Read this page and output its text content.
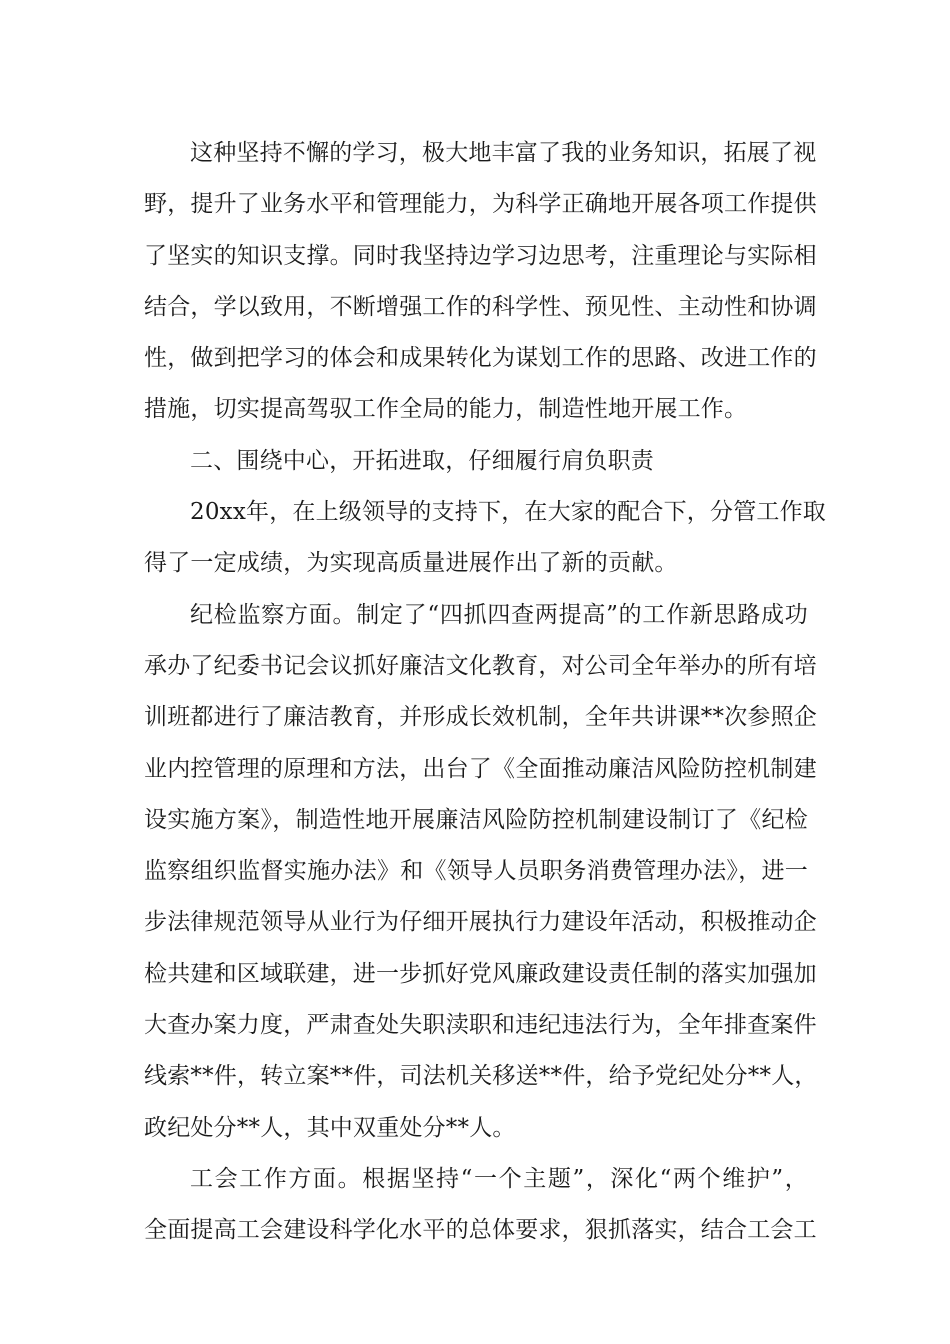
这种坚持不懈的学习，极大地丰富了我的业务知识，拓展了视
野，提升了业务水平和管理能力，为科学正确地开展各项工作提供
了坚实的知识支撑。同时我坚持边学习边思考，注重理论与实际相
结合，学以致用，不断增强工作的科学性、预见性、主动性和协调
性，做到把学习的体会和成果转化为谋划工作的思路、改进工作的
措施，切实提高驾驭工作全局的能力，制造性地开展工作。
二、围绕中心，开拓进取，仔细履行肩负职责
20xx年，在上级领导的支持下，在大家的配合下，分管工作取
得了一定成绩，为实现高质量进展作出了新的贡献。
纪检监察方面。制定了“四抓四查两提高”的工作新思路成功
承办了纪委书记会议抓好廉洁文化教育，对公司全年举办的所有培
训班都进行了廉洁教育，并形成长效机制，全年共讲课**次参照企
业内控管理的原理和方法，出台了《全面推动廉洁风险防控机制建
设实施方案》，制造性地开展廉洁风险防控机制建设制订了《纪检
监察组织监督实施办法》和《领导人员职务消费管理办法》，进一
步法律规范领导从业行为仔细开展执行力建设年活动，积极推动企
检共建和区域联建，进一步抓好党风廉政建设责任制的落实加强加
大查办案力度，严肃查处失职渎职和违纪违法行为，全年排查案件
线索**件，转立案**件，司法机关移送**件，给予党纪处分**人，
政纪处分**人，其中双重处分**人。
工会工作方面。根据坚持“一个主题”，深化“两个维护”，
全面提高工会建设科学化水平的总体要求，狠抓落实，结合工会工
